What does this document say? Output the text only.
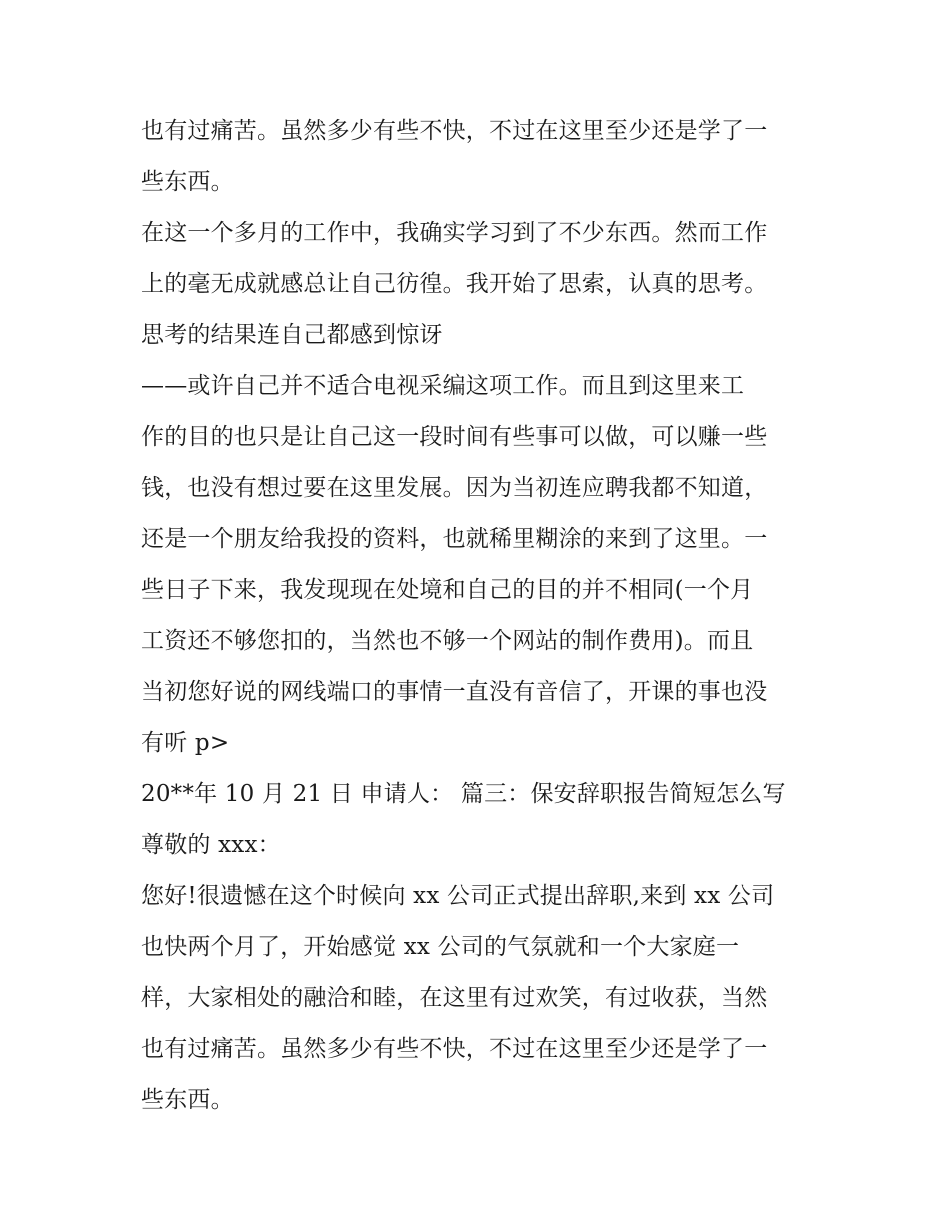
也有过痛苦。虽然多少有些不快，不过在这里至少还是学了一
些东西。
在这一个多月的工作中，我确实学习到了不少东西。然而工作
上的毫无成就感总让自己彷徨。我开始了思索，认真的思考。
思考的结果连自己都感到惊讶
——或许自己并不适合电视采编这项工作。而且到这里来工
作的目的也只是让自己这一段时间有些事可以做，可以赚一些
钱，也没有想过要在这里发展。因为当初连应聘我都不知道，
还是一个朋友给我投的资料，也就稀里糊涂的来到了这里。一
些日子下来，我发现现在处境和自己的目的并不相同(一个月
工资还不够您扣的，当然也不够一个网站的制作费用)。而且
当初您好说的网线端口的事情一直没有音信了，开课的事也没
有听 p>
20**年 10 月 21 日 申请人： 篇三：保安辞职报告简短怎么写
尊敬的 xxx：
您好!很遗憾在这个时候向 xx 公司正式提出辞职,来到 xx 公司
也快两个月了，开始感觉 xx 公司的气氛就和一个大家庭一
样，大家相处的融洽和睦，在这里有过欢笑，有过收获，当然
也有过痛苦。虽然多少有些不快，不过在这里至少还是学了一
些东西。
